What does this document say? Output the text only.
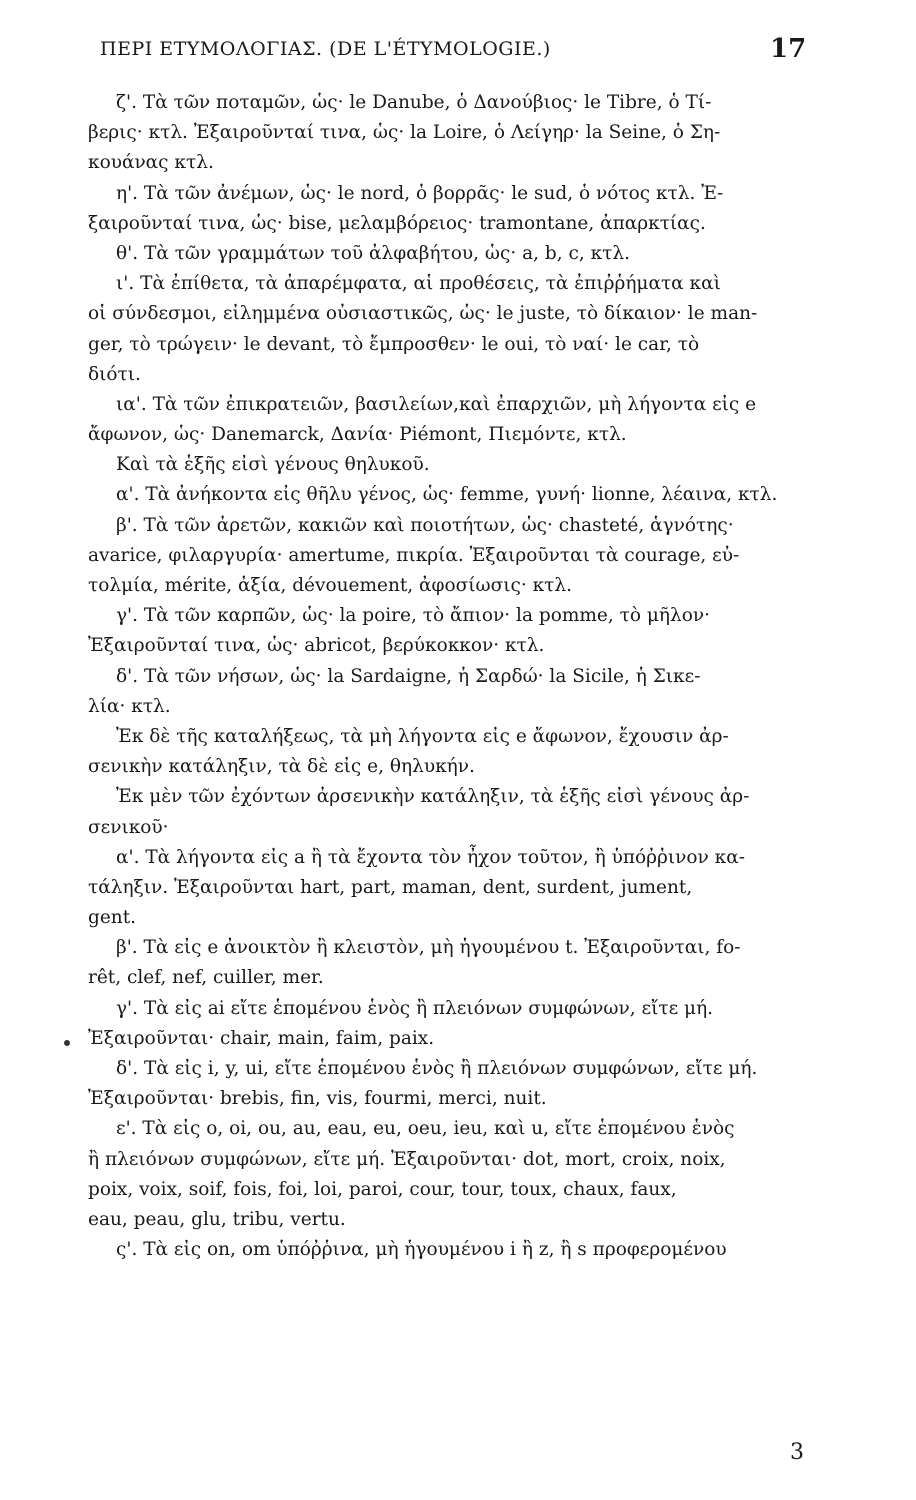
ΠΕΡΙ ΕΤΥΜΟΛΟΓΙΑΣ. (DE L'ÉTYMOLOGIE.)	17
ζ'. Τὰ τῶν ποταμῶν, ὡς· le Danube, ὁ Δανούβιος· le Tibre, ὁ Τί-
βερις· κτλ. Ἐξαιροῦνταί τινα, ὡς· la Loire, ὁ Λείγηρ· la Seine, ὁ Ση-
κουάνας κτλ.
η'. Τὰ τῶν ἀνέμων, ὡς· le nord, ὁ βορρᾶς· le sud, ὁ νότος κτλ. Ἐ-
ξαιροῦνταί τινα, ὡς· bise, μελαμβόρειος· tramontane, ἀπαρκτίας.
θ'. Τὰ τῶν γραμμάτων τοῦ ἀλφαβήτου, ὡς· a, b, c, κτλ.
ι'. Τὰ ἐπίθετα, τὰ ἀπαρέμφατα, αἱ προθέσεις, τὰ ἐπιῤῥήματα καὶ
οἱ σύνδεσμοι, εἰλημμένα οὐσιαστικῶς, ὡς· le juste, τὸ δίκαιον· le man-
ger, τὸ τρώγειν· le devant, τὸ ἔμπροσθεν· le oui, τὸ ναί· le car, τὸ
διότι.
ια'. Τὰ τῶν ἐπικρατειῶν, βασιλείων,καὶ ἐπαρχιῶν, μὴ λήγοντα εἰς e
ἄφωνον, ὡς· Danemarck, Δανία· Piémont, Πιεμόντε, κτλ.
Καὶ τὰ ἑξῆς εἰσὶ γένους θηλυκοῦ.
α'. Τὰ ἀνήκοντα εἰς θῆλυ γένος, ὡς· femme, γυνή· lionne, λέαινα, κτλ.
β'. Τὰ τῶν ἀρετῶν, κακιῶν καὶ ποιοτήτων, ὡς· chasteté, ἁγνότης·
avarice, φιλαργυρία· amertume, πικρία. Ἐξαιροῦνται τὰ courage, εὐ-
τολμία, mérite, ἀξία, dévouement, ἀφοσίωσις· κτλ.
γ'. Τὰ τῶν καρπῶν, ὡς· la poire, τὸ ἄπιον· la pomme, τὸ μῆλον·
Ἐξαιροῦνταί τινα, ὡς· abricot, βερύκοκκον· κτλ.
δ'. Τὰ τῶν νήσων, ὡς· la Sardaigne, ἡ Σαρδώ· la Sicile, ἡ Σικε-
λία· κτλ.
Ἐκ δὲ τῆς καταλήξεως, τὰ μὴ λήγοντα εἰς e ἄφωνον, ἔχουσιν ἀρ-
σενικὴν κατάληξιν, τὰ δὲ εἰς e, θηλυκήν.
Ἐκ μὲν τῶν ἐχόντων ἀρσενικὴν κατάληξιν, τὰ ἑξῆς εἰσὶ γένους ἀρ-
σενικοῦ·
α'. Τὰ λήγοντα εἰς a ἢ τὰ ἔχοντα τὸν ἦχον τοῦτον, ἢ ὑπόῤῥινον κα-
τάληξιν. Ἐξαιροῦνται hart, part, maman, dent, surdent, jument,
gent.
β'. Τὰ εἰς e ἀνοικτὸν ἢ κλειστὸν, μὴ ἡγουμένου t. Ἐξαιροῦνται, fo-
rêt, clef, nef, cuiller, mer.
γ'. Τὰ εἰς ai εἴτε ἑπομένου ἑνὸς ἢ πλειόνων συμφώνων, εἴτε μή.
Ἐξαιροῦνται· chair, main, faim, paix.
δ'. Τὰ εἰς i, y, ui, εἴτε ἑπομένου ἑνὸς ἢ πλειόνων συμφώνων, εἴτε μή.
Ἐξαιροῦνται· brebis, fin, vis, fourmi, merci, nuit.
ε'. Τὰ εἰς o, oi, ou, au, eau, eu, oeu, ieu, καὶ u, εἴτε ἑπομένου ἑνὸς
ἢ πλειόνων συμφώνων, εἴτε μή. Ἐξαιροῦνται· dot, mort, croix, noix,
poix, voix, soif, fois, foi, loi, paroi, cour, tour, toux, chaux, faux,
eau, peau, glu, tribu, vertu.
ς'. Τὰ εἰς on, om ὑπόῤῥινα, μὴ ἡγουμένου i ἢ z, ἢ s προφερομένου
3
